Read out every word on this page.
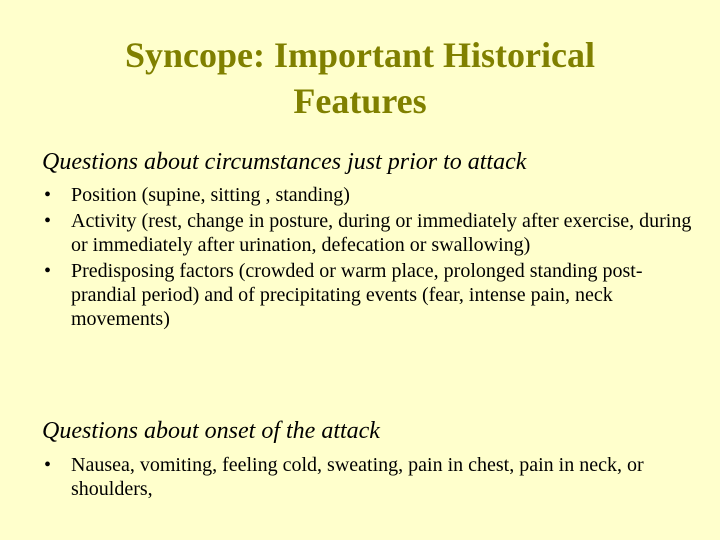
Syncope: Important Historical
Features
Questions about circumstances just prior to attack
• Position (supine, sitting , standing)
• Activity (rest, change in posture, during or immediately after exercise, during or immediately after urination, defecation or swallowing)
• Predisposing factors (crowded or warm place, prolonged standing post-prandial period) and of precipitating events (fear, intense pain, neck movements)
Questions about onset of the attack
• Nausea, vomiting, feeling cold, sweating, pain in chest, pain in neck, or shoulders,
